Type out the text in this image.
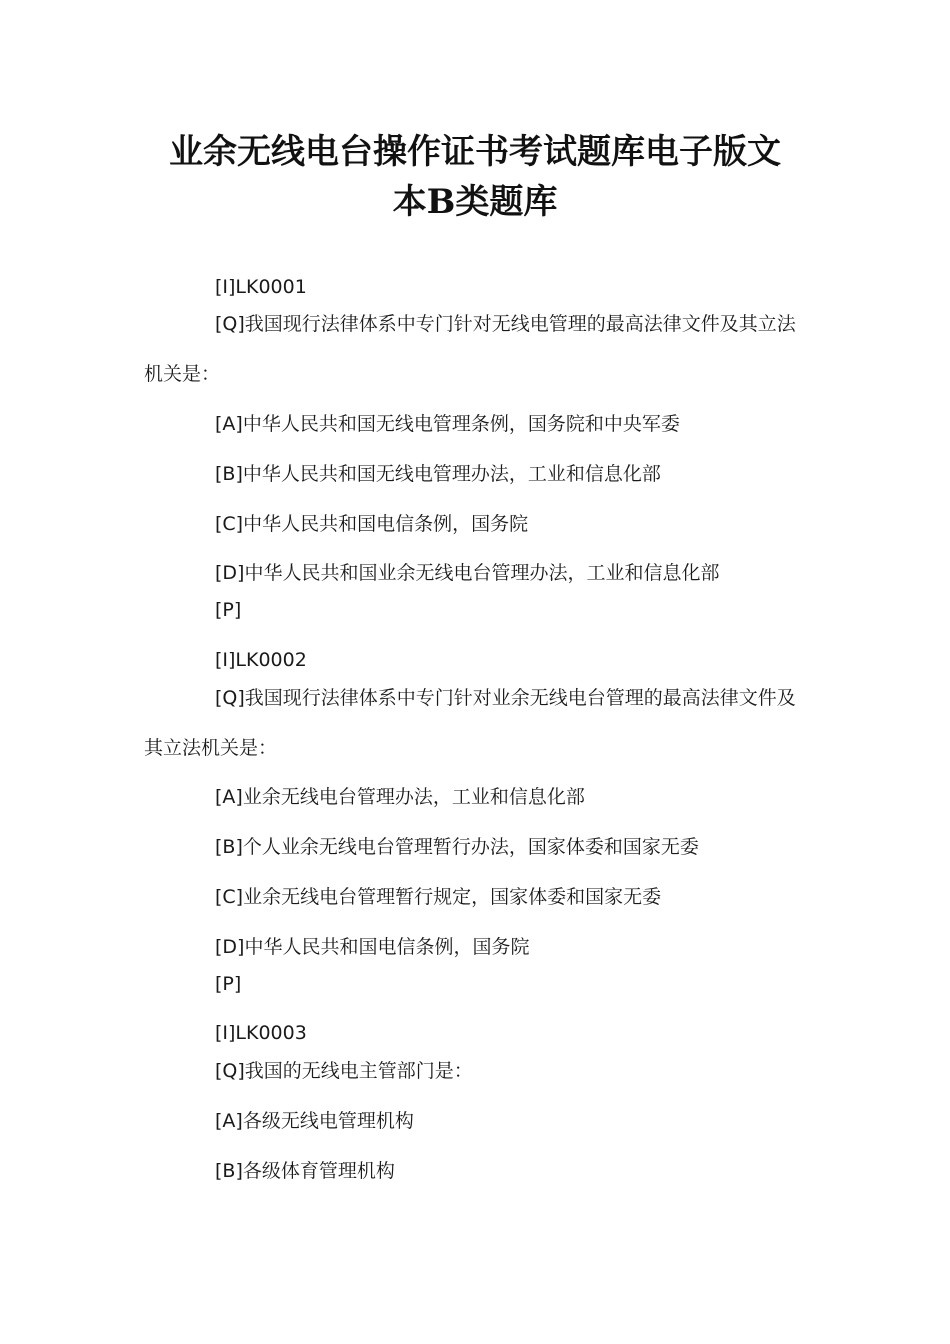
业余无线电台操作证书考试题库电子版文
本B类题库
[I]LK0001
[Q]我国现行法律体系中专门针对无线电管理的最高法律文件及其立法
机关是：
[A]中华人民共和国无线电管理条例，国务院和中央军委
[B]中华人民共和国无线电管理办法，工业和信息化部
[C]中华人民共和国电信条例，国务院
[D]中华人民共和国业余无线电台管理办法，工业和信息化部
[P]
[I]LK0002
[Q]我国现行法律体系中专门针对业余无线电台管理的最高法律文件及
其立法机关是：
[A]业余无线电台管理办法，工业和信息化部
[B]个人业余无线电台管理暂行办法，国家体委和国家无委
[C]业余无线电台管理暂行规定，国家体委和国家无委
[D]中华人民共和国电信条例，国务院
[P]
[I]LK0003
[Q]我国的无线电主管部门是：
[A]各级无线电管理机构
[B]各级体育管理机构
